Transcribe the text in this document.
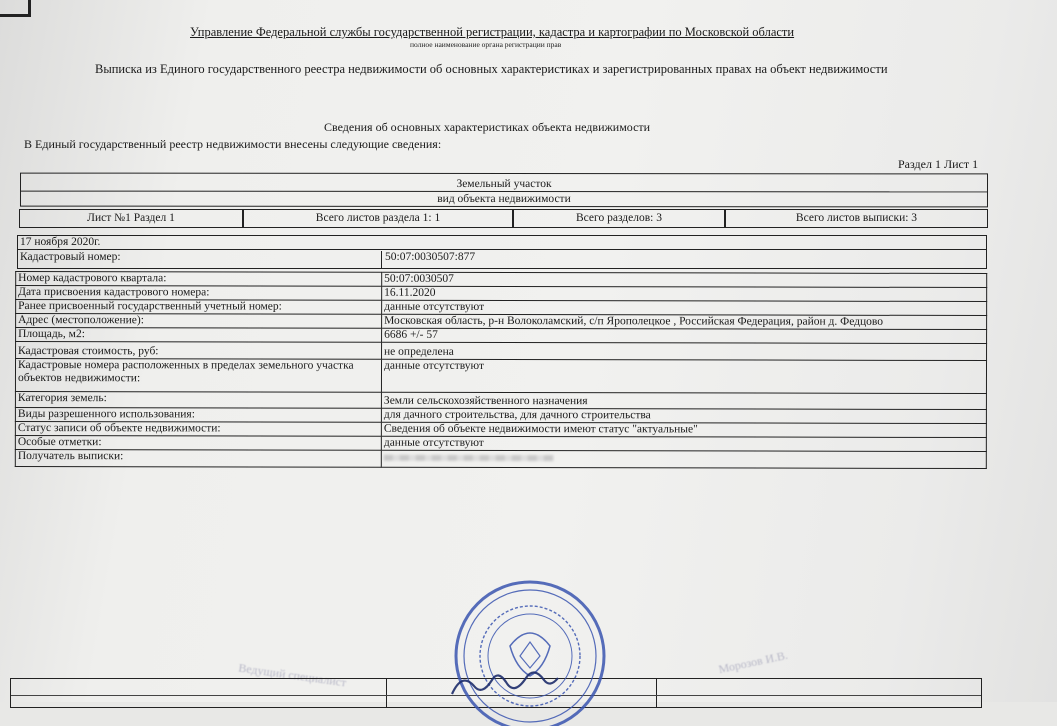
Управление Федеральной службы государственной регистрации, кадастра и картографии по Московской области
полное наименование органа регистрации прав
Выписка из Единого государственного реестра недвижимости об основных характеристиках и зарегистрированных правах на объект недвижимости
Сведения об основных характеристиках объекта недвижимости
В Единый государственный реестр недвижимости внесены следующие сведения:
Раздел 1 Лист 1
Земельный участок
вид объекта недвижимости
Лист №1 Раздел 1	Всего листов раздела 1: 1	Всего разделов: 3	Всего листов выписки: 3
17 ноября 2020г.
Кадастровый номер:	50:07:0030507:877
Номер кадастрового квартала:	50:07:0030507
Дата присвоения кадастрового номера:	16.11.2020
Ранее присвоенный государственный учетный номер:	данные отсутствуют
Адрес (местоположение):	Московская область, р-н Волоколамский, с/п Ярополецкое , Российская Федерация, район д. Федцово
Площадь, м2:	6686 +/- 57
Кадастровая стоимость, руб:	не определена
Кадастровые номера расположенных в пределах земельного участка объектов недвижимости:	данные отсутствуют
Категория земель:	Земли сельскохозяйственного назначения
Виды разрешенного использования:	для дачного строительства, для дачного строительства
Статус записи об объекте недвижимости:	Сведения об объекте недвижимости имеют статус "актуальные"
Особые отметки:	данные отсутствуют
Получатель выписки:	
Ведущий специалист	Морозов И.В.
